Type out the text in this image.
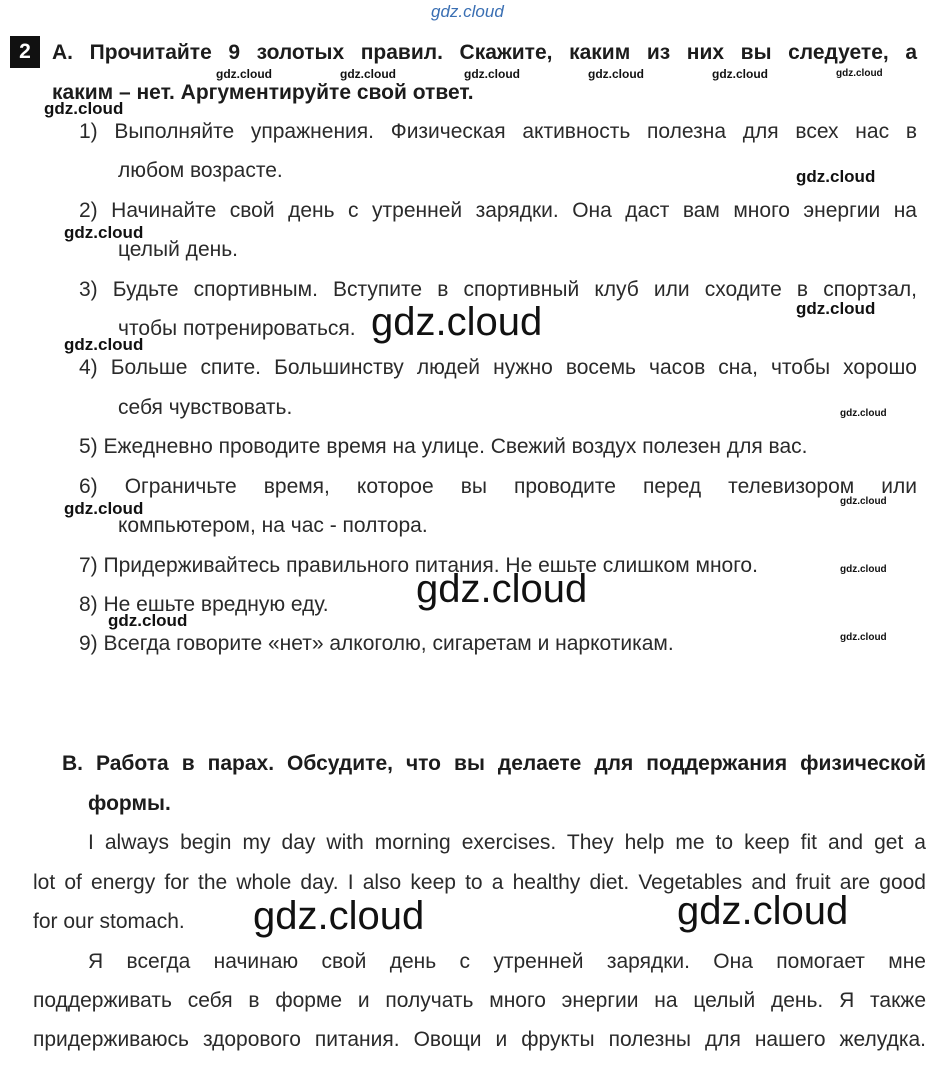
gdz.cloud
2	A. Прочитайте 9 золотых правил. Скажите, каким из них вы следуете, а
каким – нет. Аргументируйте свой ответ.
1) Выполняйте упражнения. Физическая активность полезна для всех нас в
любом возрасте.
2) Начинайте свой день с утренней зарядки. Она даст вам много энергии на
целый день.
3) Будьте спортивным. Вступите в спортивный клуб или сходите в спортзал,
чтобы потренироваться.
4) Больше спите. Большинству людей нужно восемь часов сна, чтобы хорошо
себя чувствовать.
5) Ежедневно проводите время на улице. Свежий воздух полезен для вас.
6) Ограничьте время, которое вы проводите перед телевизором или
компьютером, на час - полтора.
7) Придерживайтесь правильного питания. Не ешьте слишком много.
8) Не ешьте вредную еду.
9) Всегда говорите «нет» алкоголю, сигаретам и наркотикам.
B. Работа в парах. Обсудите, что вы делаете для поддержания физической
формы.
I always begin my day with morning exercises. They help me to keep fit and get a
lot of energy for the whole day. I also keep to a healthy diet. Vegetables and fruit are good
for our stomach.
Я всегда начинаю свой день с утренней зарядки. Она помогает мне
поддерживать себя в форме и получать много энергии на целый день. Я также
придерживаюсь здорового питания. Овощи и фрукты полезны для нашего желудка.
gdz.cloud	gdz.cloud	gdz.cloud	gdz.cloud	gdz.cloud	gdz.cloud
gdz.cloud
gdz.cloud
gdz.cloud
gdz.cloud
gdz.cloud
gdz.cloud
gdz.cloud
gdz.cloud
gdz.cloud
gdz.cloud
gdz.cloud
gdz.cloud
gdz.cloud
gdz.cloud	gdz.cloud
